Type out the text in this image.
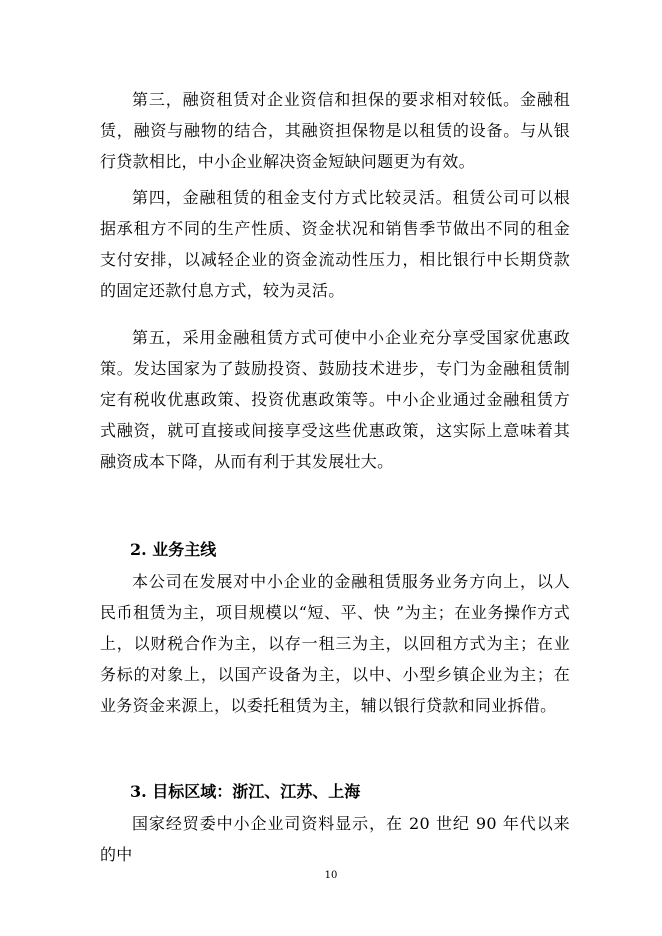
第三，融资租赁对企业资信和担保的要求相对较低。金融租赁，融资与融物的结合，其融资担保物是以租赁的设备。与从银行贷款相比，中小企业解决资金短缺问题更为有效。

第四，金融租赁的租金支付方式比较灵活。租赁公司可以根据承租方不同的生产性质、资金状况和销售季节做出不同的租金支付安排，以减轻企业的资金流动性压力，相比银行中长期贷款的固定还款付息方式，较为灵活。

第五，采用金融租赁方式可使中小企业充分享受国家优惠政策。发达国家为了鼓励投资、鼓励技术进步，专门为金融租赁制定有税收优惠政策、投资优惠政策等。中小企业通过金融租赁方式融资，就可直接或间接享受这些优惠政策，这实际上意味着其融资成本下降，从而有利于其发展壮大。

2. 业务主线

本公司在发展对中小企业的金融租赁服务业务方向上，以人民币租赁为主，项目规模以“短、平、快 ”为主；在业务操作方式上，以财税合作为主，以存一租三为主，以回租方式为主；在业务标的对象上，以国产设备为主，以中、小型乡镇企业为主；在业务资金来源上，以委托租赁为主，辅以银行贷款和同业拆借。

3. 目标区域：浙江、江苏、上海

国家经贸委中小企业司资料显示，在 20 世纪 90 年代以来的中

10
